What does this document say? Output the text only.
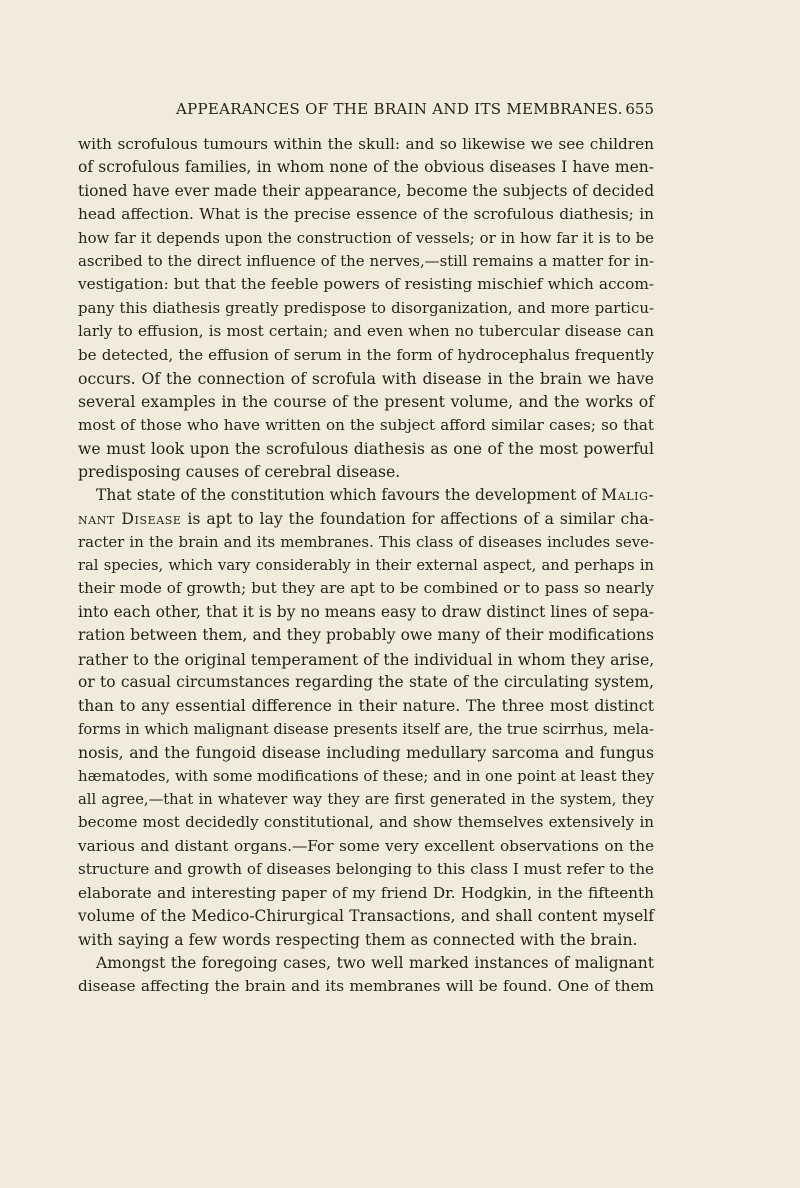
APPEARANCES OF THE BRAIN AND ITS MEMBRANES. 655
with scrofulous tumours within the skull: and so likewise we see children
of scrofulous families, in whom none of the obvious diseases I have men-
tioned have ever made their appearance, become the subjects of decided
head affection. What is the precise essence of the scrofulous diathesis; in
how far it depends upon the construction of vessels; or in how far it is to be
ascribed to the direct influence of the nerves,—still remains a matter for in-
vestigation: but that the feeble powers of resisting mischief which accom-
pany this diathesis greatly predispose to disorganization, and more particu-
larly to effusion, is most certain; and even when no tubercular disease can
be detected, the effusion of serum in the form of hydrocephalus frequently
occurs. Of the connection of scrofula with disease in the brain we have
several examples in the course of the present volume, and the works of
most of those who have written on the subject afford similar cases; so that
we must look upon the scrofulous diathesis as one of the most powerful
predisposing causes of cerebral disease.
That state of the constitution which favours the development of Malig-
nant Disease is apt to lay the foundation for affections of a similar cha-
racter in the brain and its membranes. This class of diseases includes seve-
ral species, which vary considerably in their external aspect, and perhaps in
their mode of growth; but they are apt to be combined or to pass so nearly
into each other, that it is by no means easy to draw distinct lines of sepa-
ration between them, and they probably owe many of their modifications
rather to the original temperament of the individual in whom they arise,
or to casual circumstances regarding the state of the circulating system,
than to any essential difference in their nature. The three most distinct
forms in which malignant disease presents itself are, the true scirrhus, mela-
nosis, and the fungoid disease including medullary sarcoma and fungus
hæmatodes, with some modifications of these; and in one point at least they
all agree,—that in whatever way they are first generated in the system, they
become most decidedly constitutional, and show themselves extensively in
various and distant organs.—For some very excellent observations on the
structure and growth of diseases belonging to this class I must refer to the
elaborate and interesting paper of my friend Dr. Hodgkin, in the fifteenth
volume of the Medico-Chirurgical Transactions, and shall content myself
with saying a few words respecting them as connected with the brain.
Amongst the foregoing cases, two well marked instances of malignant
disease affecting the brain and its membranes will be found. One of them
